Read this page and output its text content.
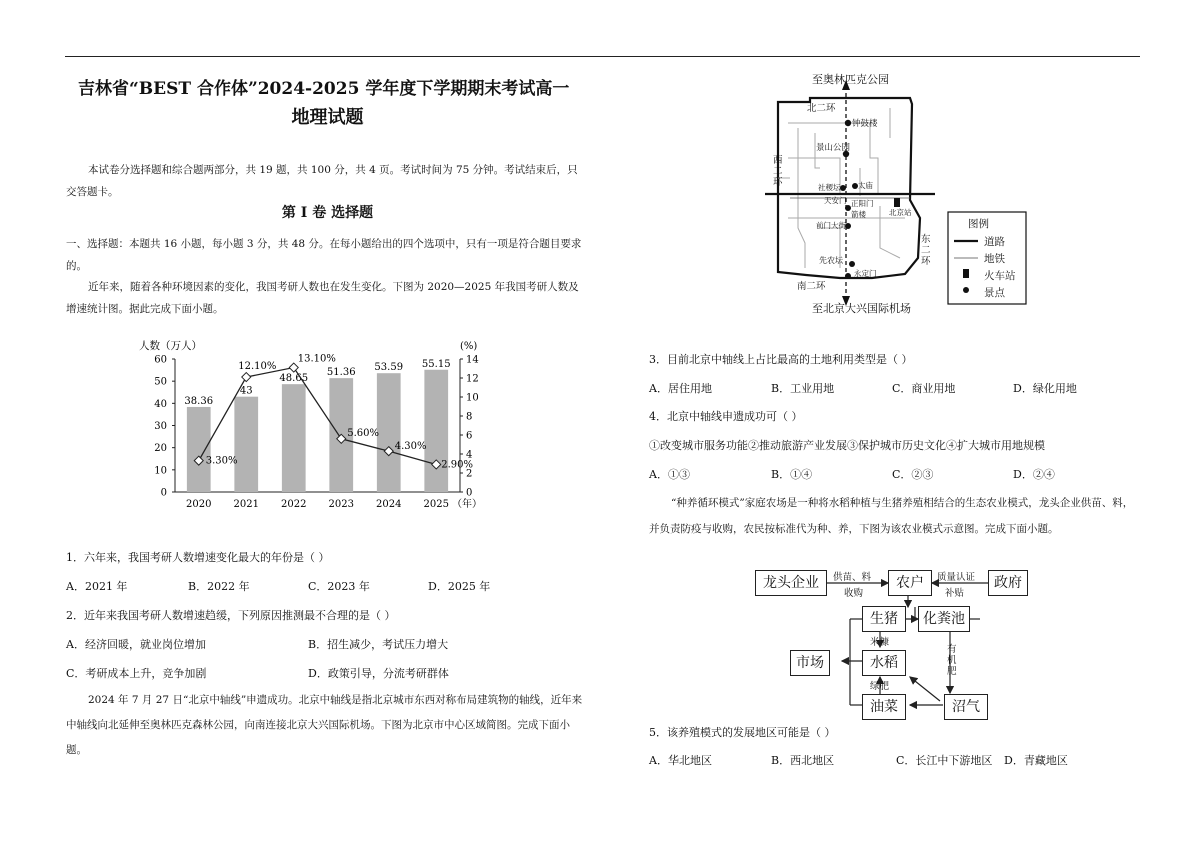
吉林省“BEST 合作体”2024-2025 学年度下学期期末考试高一
地理试题
本试卷分选择题和综合题两部分，共 19 题，共 100 分，共 4 页。考试时间为 75 分钟。考试结束后，只交答题卡。
第 Ⅰ 卷 选择题
一、选择题：本题共 16 小题，每小题 3 分，共 48 分。在每小题给出的四个选项中，只有一项是符合题目要求的。
近年来，随着各种环境因素的变化，我国考研人数也在发生变化。下图为 2020—2025 年我国考研人数及增速统计图。据此完成下面小题。
0
10
20
30
40
50
60
0
2
4
6
8
10
12
14
人数（万人）	(%)
38.36
2020
43
2021
48.65
2022
51.36
2023
53.59
2024
55.15
2025 （年）
3.30%
12.10%
13.10%
5.60%
4.30%
2.90%
1．六年来，我国考研人数增速变化最大的年份是（ ）
A．2021 年	B．2022 年	C．2023 年	D．2025 年
2．近年来我国考研人数增速趋缓，下列原因推测最不合理的是（ ）
A．经济回暖，就业岗位增加	B．招生减少，考试压力增大
C．考研成本上升，竞争加剧	D．政策引导，分流考研群体
2024 年 7 月 27 日“北京中轴线”申遗成功。北京中轴线是指北京城市东西对称布局建筑物的轴线，近年来中轴线向北延伸至奥林匹克森林公园，向南连接北京大兴国际机场。下图为北京市中心区域简图。完成下面小题。
至奥林匹克公园
北二环
西二环
东二环
南二环
钟鼓楼
景山公园
社稷坛 太庙
天安门 正阳门
箭楼
前门大街
北京站
先农坛
永定门
至北京大兴国际机场
图例
道路
地铁
火车站
景点
3．目前北京中轴线上占比最高的土地利用类型是（ ）
A．居住用地	B．工业用地	C．商业用地	D．绿化用地
4．北京中轴线申遗成功可（ ）
①改变城市服务功能②推动旅游产业发展③保护城市历史文化④扩大城市用地规模
A．①③	B．①④	C．②③	D．②④
“种养循环模式”家庭农场是一种将水稻种植与生猪养殖相结合的生态农业模式，龙头企业供苗、料，并负责防疫与收购，农民按标准代为种、养，下图为该农业模式示意图。完成下面小题。
龙头企业	农户	政府
生猪	化粪池
市场	水稻
油菜	沼气
供苗、料
收购
质量认证
补贴
米糠
绿肥
有机肥
5．该养殖模式的发展地区可能是（ ）
A．华北地区	B．西北地区	C．长江中下游地区 D．青藏地区
